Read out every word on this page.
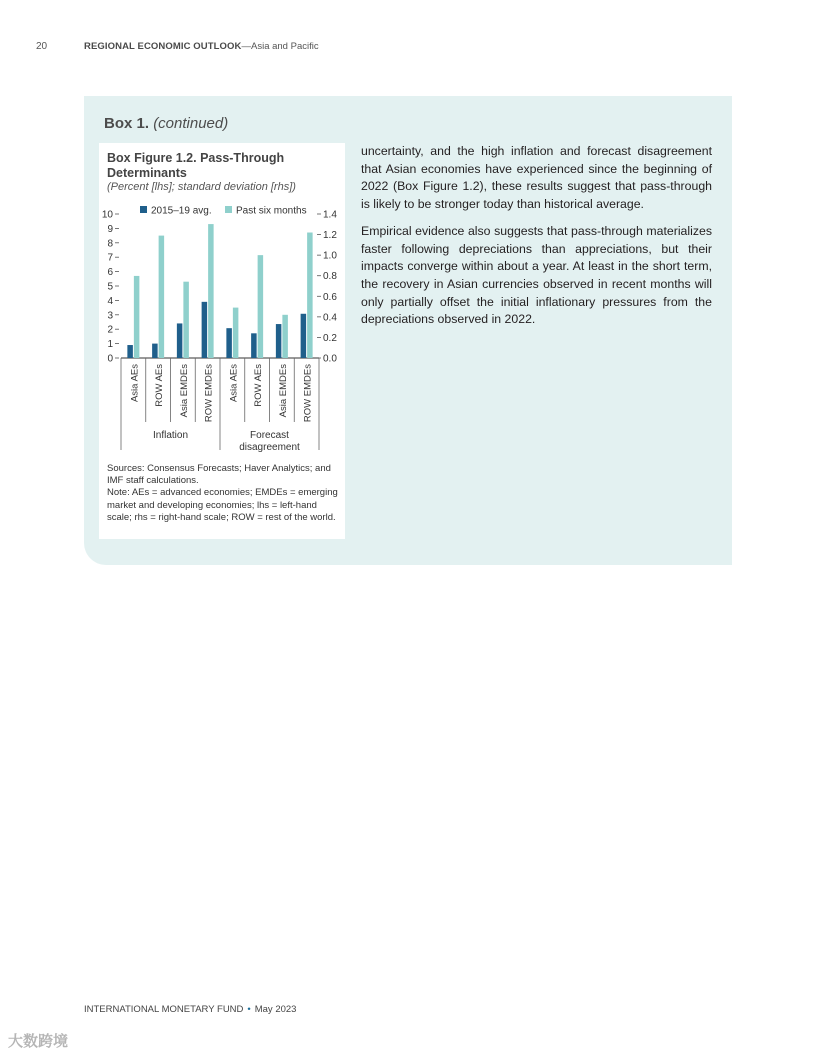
20	REGIONAL ECONOMIC OUTLOOK—Asia and Pacific
Box 1. (continued)
Box Figure 1.2. Pass-Through Determinants
(Percent [lhs]; standard deviation [rhs])
0
1
2
3
4
5
6
7
8
9
10
0.0
0.2
0.4
0.6
0.8
1.0
1.2
1.4
Asia AEs ROW AEs Asia EMDEs ROW EMDEs Asia AEs ROW AEs Asia EMDEs ROW EMDEs
Inflation	Forecast
disagreement
2015–19 avg. Past six months
Sources: Consensus Forecasts; Haver Analytics; and IMF staff calculations.
Note: AEs = advanced economies; EMDEs = emerging market and developing economies; lhs = left-hand scale; rhs = right-hand scale; ROW = rest of the world.

uncertainty, and the high inflation and forecast disagreement that Asian economies have experienced since the beginning of 2022 (Box Figure 1.2), these results suggest that pass-through is likely to be stronger today than historical average.

Empirical evidence also suggests that pass-through materializes faster following depreciations than appreciations, but their impacts converge within about a year. At least in the short term, the recovery in Asian currencies observed in recent months will only partially offset the initial inflationary pressures from the depreciations observed in 2022.

INTERNATIONAL MONETARY FUND • May 2023
大数跨境
